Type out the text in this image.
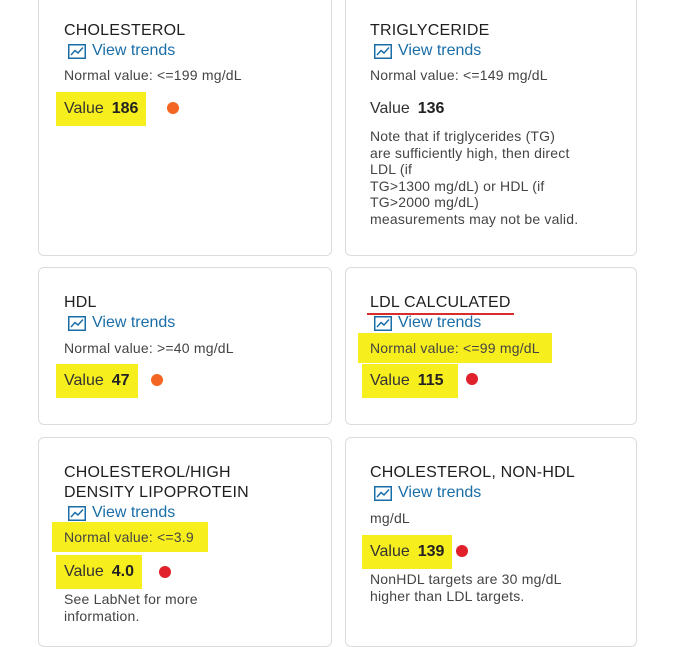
CHOLESTEROL
View trends
Normal value: <=199 mg/dL
Value 186
TRIGLYCERIDE
View trends
Normal value: <=149 mg/dL
Value 136
Note that if triglycerides (TG)
are sufficiently high, then direct
LDL (if
TG>1300 mg/dL) or HDL (if
TG>2000 mg/dL)
measurements may not be valid.
HDL
View trends
Normal value: >=40 mg/dL
Value 47
LDL CALCULATED
View trends
Normal value: <=99 mg/dL
Value 115
CHOLESTEROL/HIGH
DENSITY LIPOPROTEIN
View trends
Normal value: <=3.9
Value 4.0
See LabNet for more
information.
CHOLESTEROL, NON-HDL
View trends
mg/dL
Value 139
NonHDL targets are 30 mg/dL
higher than LDL targets.
